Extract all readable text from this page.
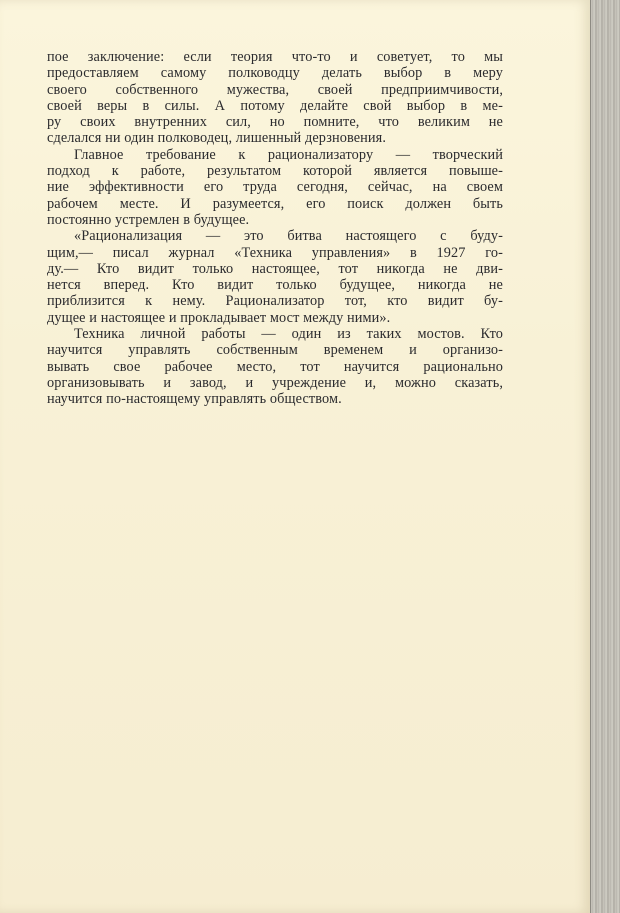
пое заключение: если теория что-то и советует, то мы
предоставляем самому полководцу делать выбор в меру
своего собственного мужества, своей предприимчивости,
своей веры в силы. А потому делайте свой выбор в ме-
ру своих внутренних сил, но помните, что великим не
сделался ни один полководец, лишенный дерзновения.
Главное требование к рационализатору — творческий
подход к работе, результатом которой является повыше-
ние эффективности его труда сегодня, сейчас, на своем
рабочем месте. И разумеется, его поиск должен быть
постоянно устремлен в будущее.
«Рационализация — это битва настоящего с буду-
щим,— писал журнал «Техника управления» в 1927 го-
ду.— Кто видит только настоящее, тот никогда не дви-
нется вперед. Кто видит только будущее, никогда не
приблизится к нему. Рационализатор тот, кто видит бу-
дущее и настоящее и прокладывает мост между ними».
Техника личной работы — один из таких мостов. Кто
научится управлять собственным временем и организо-
вывать свое рабочее место, тот научится рационально
организовывать и завод, и учреждение и, можно сказать,
научится по-настоящему управлять обществом.
